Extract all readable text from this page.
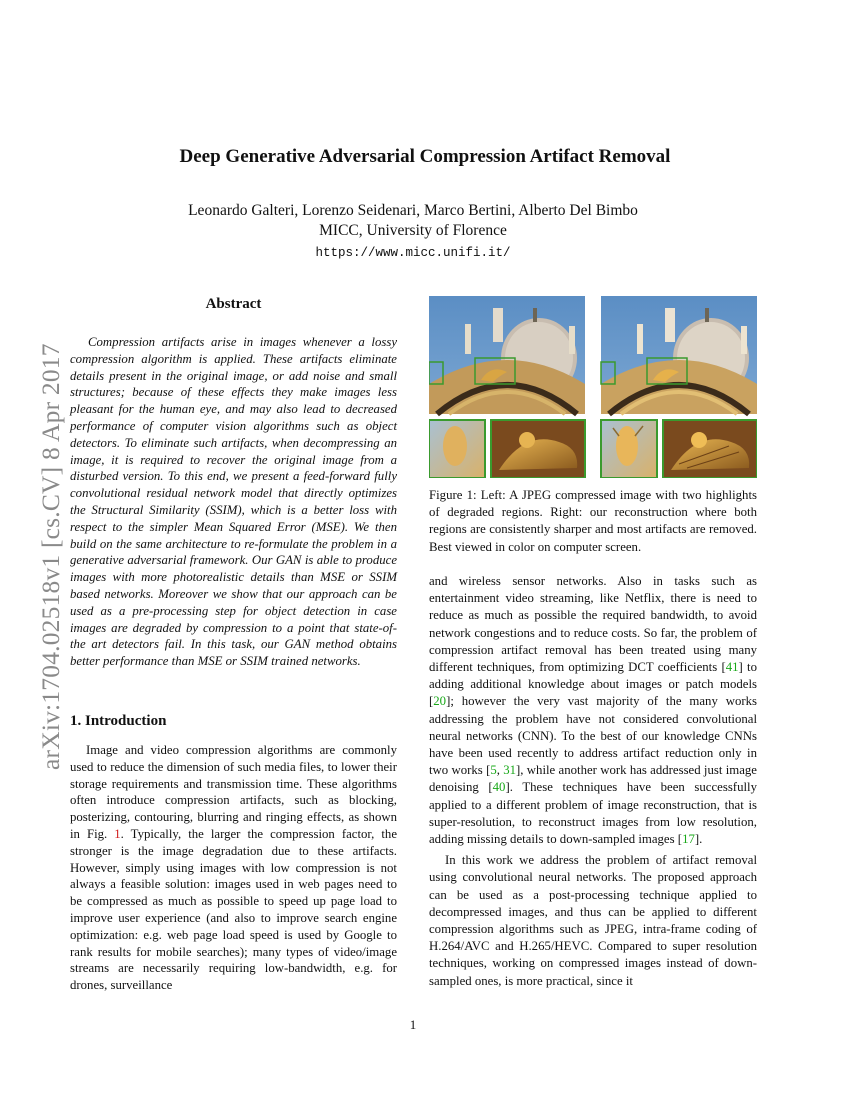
arXiv:1704.02518v1 [cs.CV] 8 Apr 2017
Deep Generative Adversarial Compression Artifact Removal
Leonardo Galteri, Lorenzo Seidenari, Marco Bertini, Alberto Del Bimbo
MICC, University of Florence
https://www.micc.unifi.it/
Abstract
Compression artifacts arise in images whenever a lossy compression algorithm is applied. These artifacts eliminate details present in the original image, or add noise and small structures; because of these effects they make images less pleasant for the human eye, and may also lead to decreased performance of computer vision algorithms such as object detectors. To eliminate such artifacts, when decompressing an image, it is required to recover the original image from a disturbed version. To this end, we present a feed-forward fully convolutional residual network model that directly optimizes the Structural Similarity (SSIM), which is a better loss with respect to the simpler Mean Squared Error (MSE). We then build on the same architecture to re-formulate the problem in a generative adversarial framework. Our GAN is able to produce images with more photorealistic details than MSE or SSIM based networks. Moreover we show that our approach can be used as a pre-processing step for object detection in case images are degraded by compression to a point that state-of-the art detectors fail. In this task, our GAN method obtains better performance than MSE or SSIM trained networks.
1. Introduction

Image and video compression algorithms are commonly used to reduce the dimension of such media files, to lower their storage requirements and transmission time. These algorithms often introduce compression artifacts, such as blocking, posterizing, contouring, blurring and ringing effects, as shown in Fig. 1. Typically, the larger the compression factor, the stronger is the image degradation due to these artifacts. However, simply using images with low compression is not always a feasible solution: images used in web pages need to be compressed as much as possible to speed up page load to improve user experience (and also to improve search engine optimization: e.g. web page load speed is used by Google to rank results for mobile searches); many types of video/image streams are necessarily requiring low-bandwidth, e.g. for drones, surveillance

Figure 1: Left: A JPEG compressed image with two highlights of degraded regions. Right: our reconstruction where both regions are consistently sharper and most artifacts are removed. Best viewed in color on computer screen.

and wireless sensor networks. Also in tasks such as entertainment video streaming, like Netflix, there is need to reduce as much as possible the required bandwidth, to avoid network congestions and to reduce costs. So far, the problem of compression artifact removal has been treated using many different techniques, from optimizing DCT coefficients [41] to adding additional knowledge about images or patch models [20]; however the very vast majority of the many works addressing the problem have not considered convolutional neural networks (CNN). To the best of our knowledge CNNs have been used recently to address artifact reduction only in two works [5, 31], while another work has addressed just image denoising [40]. These techniques have been successfully applied to a different problem of image reconstruction, that is super-resolution, to reconstruct images from low resolution, adding missing details to down-sampled images [17].

In this work we address the problem of artifact removal using convolutional neural networks. The proposed approach can be used as a post-processing technique applied to decompressed images, and thus can be applied to different compression algorithms such as JPEG, intra-frame coding of H.264/AVC and H.265/HEVC. Compared to super resolution techniques, working on compressed images instead of down-sampled ones, is more practical, since it

1
